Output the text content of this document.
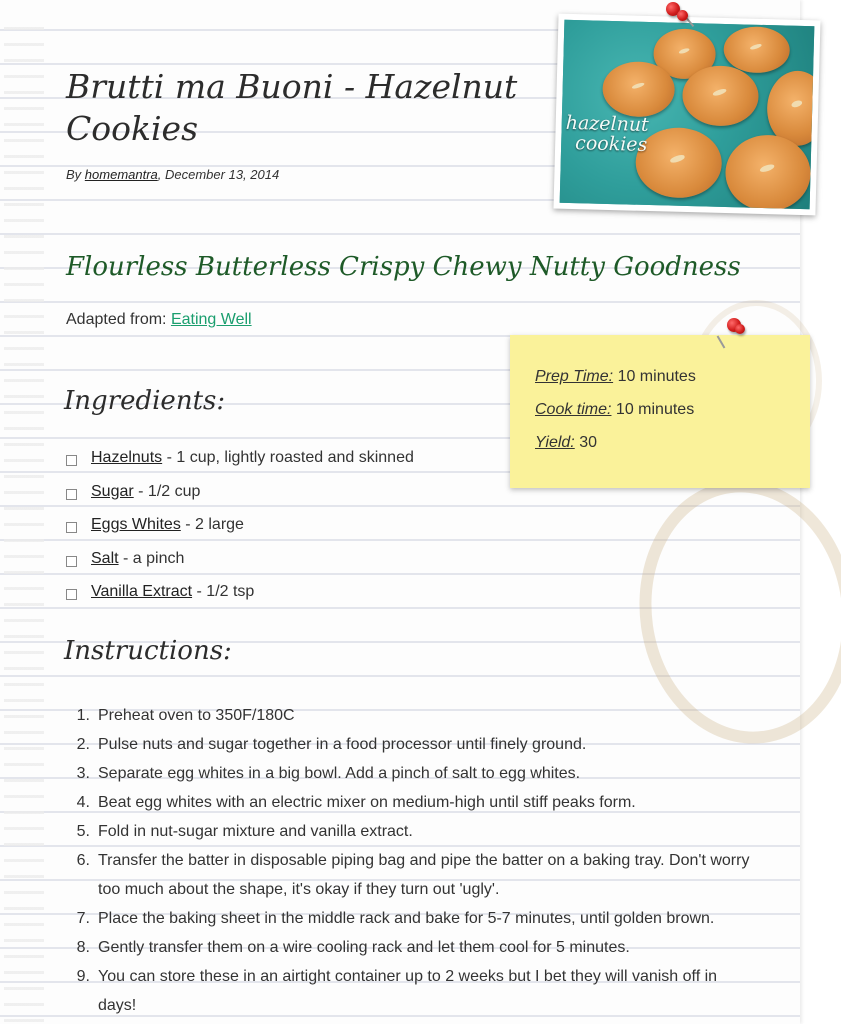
Brutti ma Buoni - Hazelnut Cookies
By homemantra, December 13, 2014
Flourless Butterless Crispy Chewy Nutty Goodness
Adapted from: Eating Well
Ingredients:
Hazelnuts - 1 cup, lightly roasted and skinned
Sugar - 1/2 cup
Eggs Whites - 2 large
Salt - a pinch
Vanilla Extract - 1/2 tsp
Instructions:
1. Preheat oven to 350F/180C
2. Pulse nuts and sugar together in a food processor until finely ground.
3. Separate egg whites in a big bowl. Add a pinch of salt to egg whites.
4. Beat egg whites with an electric mixer on medium-high until stiff peaks form.
5. Fold in nut-sugar mixture and vanilla extract.
6. Transfer the batter in disposable piping bag and pipe the batter on a baking tray. Don't worry too much about the shape, it's okay if they turn out 'ugly'.
7. Place the baking sheet in the middle rack and bake for 5-7 minutes, until golden brown.
8. Gently transfer them on a wire cooling rack and let them cool for 5 minutes.
9. You can store these in an airtight container up to 2 weeks but I bet they will vanish off in days!
hazelnut
cookies
Prep Time: 10 minutes
Cook time: 10 minutes
Yield: 30
